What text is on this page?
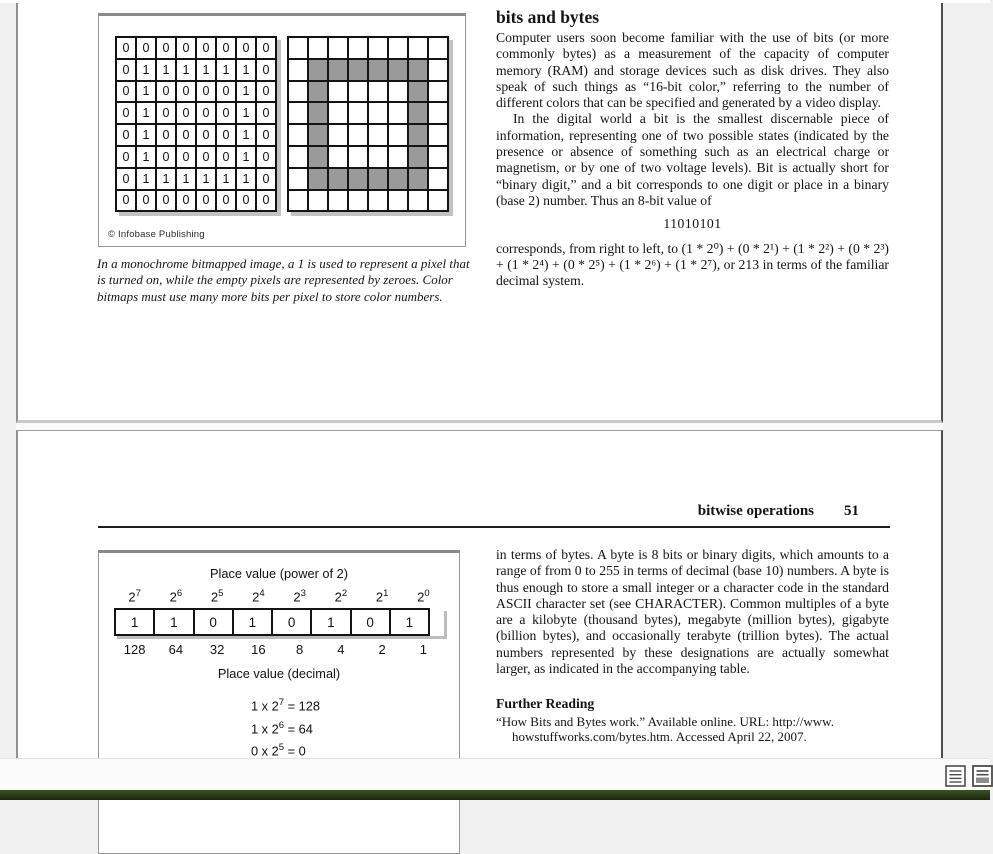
0	0	0	0	0	0	0	0
0	1	1	1	1	1	1	0
0	1	0	0	0	0	1	0
0	1	0	0	0	0	1	0
0	1	0	0	0	0	1	0
0	1	0	0	0	0	1	0
0	1	1	1	1	1	1	0
0	0	0	0	0	0	0	0

© Infobase Publishing
In a monochrome bitmapped image, a 1 is used to represent a pixel that is turned on, while the empty pixels are represented by zeroes. Color bitmaps must use many more bits per pixel to store color numbers.
bits and bytes

Computer users soon become familiar with the use of bits (or more commonly bytes) as a measurement of the capacity of computer memory (RAM) and storage devices such as disk drives. They also speak of such things as “16-bit color,” referring to the number of different colors that can be specified and generated by a video display.

In the digital world a bit is the smallest discernable piece of information, representing one of two possible states (indicated by the presence or absence of something such as an electrical charge or magnetism, or by one of two voltage levels). Bit is actually short for “binary digit,” and a bit corresponds to one digit or place in a binary (base 2) number. Thus an 8-bit value of

11010101

corresponds, from right to left, to (1 * 2⁰) + (0 * 2¹) + (1 * 2²) + (0 * 2³) + (1 * 2⁴) + (0 * 2⁵) + (1 * 2⁶) + (1 * 2⁷), or 213 in terms of the familiar decimal system.

bitwise operations 51
Place value (power of 2)
$2^7$	$2^6$	$2^5$	$2^4$	$2^3$	$2^2$	$2^1$	$2^0$
1	1	0	1	0	1	0	1
128	64	32	16	8	4	2	1
Place value (decimal)
1 x $2^7 = 128$
1 x $2^6 = 64$
0 x $2^5 = 0$

in terms of bytes. A byte is 8 bits or binary digits, which amounts to a range of from 0 to 255 in terms of decimal (base 10) numbers. A byte is thus enough to store a small integer or a character code in the standard ASCII character set (see CHARACTER). Common multiples of a byte are a kilobyte (thousand bytes), megabyte (million bytes), gigabyte (billion bytes), and occasionally terabyte (trillion bytes). The actual numbers represented by these designations are actually somewhat larger, as indicated in the accompanying table.

Further Reading
“How Bits and Bytes work.” Available online. URL: http://www.
howstuffworks.com/bytes.htm. Accessed April 22, 2007.
